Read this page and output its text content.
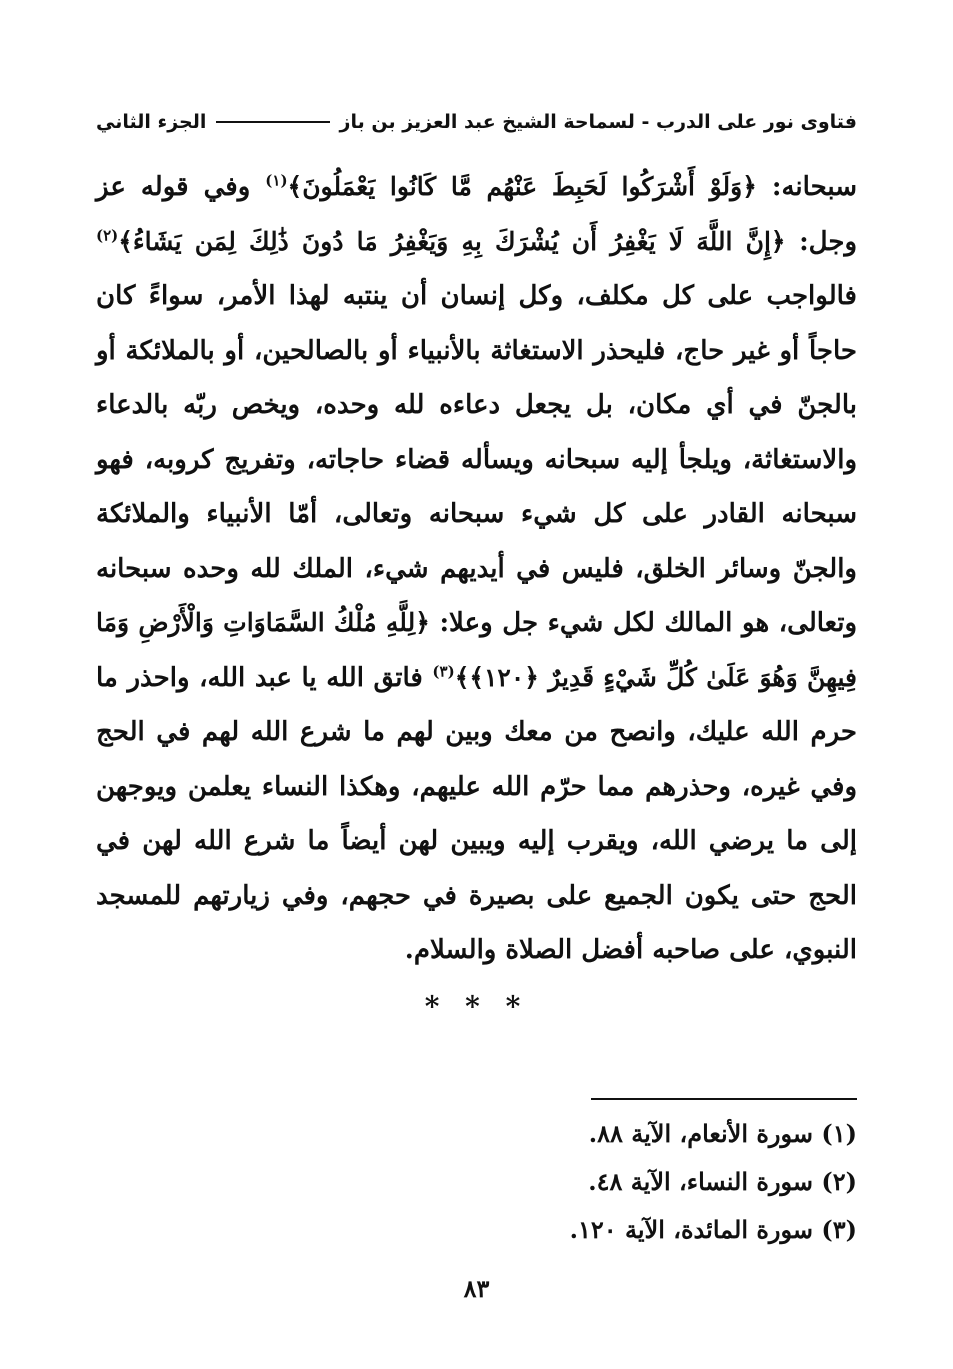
فتاوى نور على الدرب - لسماحة الشيخ عبد العزيز بن باز
الجزء الثاني
سبحانه: ﴿وَلَوْ أَشْرَكُوا لَحَبِطَ عَنْهُم مَّا كَانُوا يَعْمَلُونَ﴾$^{(١)}$ وفي قوله عز وجل: ﴿إِنَّ اللَّهَ لَا يَغْفِرُ أَن يُشْرَكَ بِهِ وَيَغْفِرُ مَا دُونَ ذَٰلِكَ لِمَن يَشَاءُ﴾$^{(٢)}$ فالواجب على كل مكلف، وكل إنسان أن ينتبه لهذا الأمر، سواءً كان حاجاً أو غير حاج، فليحذر الاستغاثة بالأنبياء أو بالصالحين، أو بالملائكة أو بالجنّ في أي مكان، بل يجعل دعاءه لله وحده، ويخص ربّه بالدعاء والاستغاثة، ويلجأ إليه سبحانه ويسأله قضاء حاجاته، وتفريج كروبه، فهو سبحانه القادر على كل شيء سبحانه وتعالى، أمّا الأنبياء والملائكة والجنّ وسائر الخلق، فليس في أيديهم شيء، الملك لله وحده سبحانه وتعالى، هو المالك لكل شيء جل وعلا: ﴿لِلَّهِ مُلْكُ السَّمَاوَاتِ وَالْأَرْضِ وَمَا فِيهِنَّ وَهُوَ عَلَىٰ كُلِّ شَيْءٍ قَدِيرٌ ﴿١٢٠﴾﴾$^{(٣)}$ فاتق الله يا عبد الله، واحذر ما حرم الله عليك، وانصح من معك وبين لهم ما شرع الله لهم في الحج وفي غيره، وحذرهم مما حرّم الله عليهم، وهكذا النساء يعلمن ويوجهن إلى ما يرضي الله، ويقرب إليه ويبين لهن أيضاً ما شرع الله لهن في الحج حتى يكون الجميع على بصيرة في حجهم، وفي زيارتهم للمسجد النبوي، على صاحبه أفضل الصلاة والسلام.
* * *
(١) سورة الأنعام، الآية ٨٨.
(٢) سورة النساء، الآية ٤٨.
(٣) سورة المائدة، الآية ١٢٠.
٨٣
